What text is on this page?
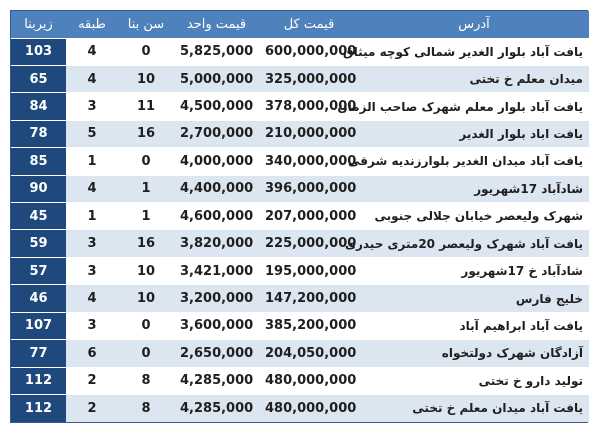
زیربنا	طبقه	سن بنا	قیمت واحد	قیمت کل	آدرس
103	4	0	5,825,000	600,000,000	یافت آباد بلوار الغدیر شمالی کوچه میثاق
65	4	10	5,000,000	325,000,000	میدان معلم خ تختی
84	3	11	4,500,000	378,000,000	یافت آباد بلوار معلم شهرک صاحب الزمان
78	5	16	2,700,000	210,000,000	یافت اباد بلوار الغدیر
85	1	0	4,000,000	340,000,000	یافت آباد میدان الغدیر بلوارزندیه شرقی
90	4	1	4,400,000	396,000,000	شادآباد 17شهریور
45	1	1	4,600,000	207,000,000	شهرک ولیعصر خیابان جلالی جنوبی
59	3	16	3,820,000	225,000,000	یافت آباد شهرک ولیعصر 20متری حیدری
57	3	10	3,421,000	195,000,000	شادآباد خ 17شهریور
46	4	10	3,200,000	147,200,000	خلیج فارس
107	3	0	3,600,000	385,200,000	یافت آباد ابراهیم آباد
77	6	0	2,650,000	204,050,000	آزادگان شهرک دولتخواه
112	2	8	4,285,000	480,000,000	تولید دارو خ تختی
112	2	8	4,285,000	480,000,000	یافت آباد میدان معلم خ تختی
